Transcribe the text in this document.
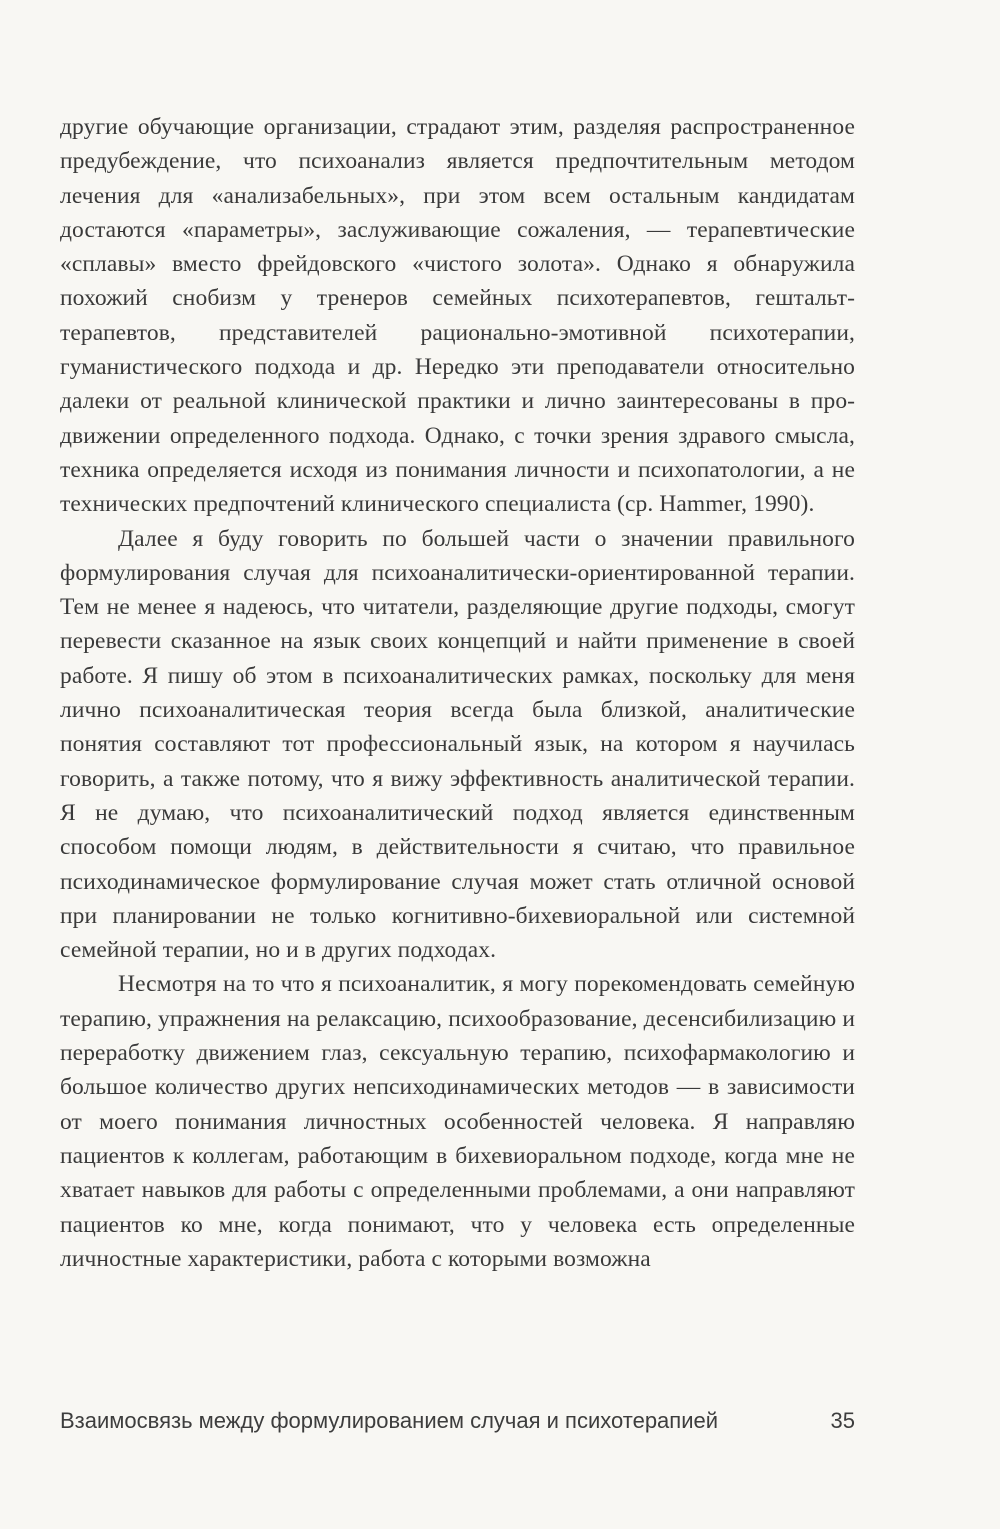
другие обучающие организации, страдают этим, разделяя распространенное предубеждение, что психоанализ является предпочтительным методом лечения для «анализабельных», при этом всем остальным кандидатам достаются «параметры», заслуживающие сожаления, — терапевтические «сплавы» вместо фрейдовского «чистого золота». Однако я обнаружила похожий снобизм у тренеров семейных психотерапевтов, гештальт-терапевтов, представителей рационально-эмотивной психотерапии, гуманистического подхода и др. Нередко эти преподаватели относительно далеки от реальной клинической практики и лично заинтересованы в продвижении определенного подхода. Однако, с точки зрения здравого смысла, техника определяется исходя из понимания личности и психопатологии, а не технических предпочтений клинического специалиста (ср. Hammer, 1990).

Далее я буду говорить по большей части о значении правильного формулирования случая для психоаналитически-ориентированной терапии. Тем не менее я надеюсь, что читатели, разделяющие другие подходы, смогут перевести сказанное на язык своих концепций и найти применение в своей работе. Я пишу об этом в психоаналитических рамках, поскольку для меня лично психоаналитическая теория всегда была близкой, аналитические понятия составляют тот профессиональный язык, на котором я научилась говорить, а также потому, что я вижу эффективность аналитической терапии. Я не думаю, что психоаналитический подход является единственным способом помощи людям, в действительности я считаю, что правильное психодинамическое формулирование случая может стать отличной основой при планировании не только когнитивно-бихевиоральной или системной семейной терапии, но и в других подходах.

Несмотря на то что я психоаналитик, я могу порекомендовать семейную терапию, упражнения на релаксацию, психообразование, десенсибилизацию и переработку движением глаз, сексуальную терапию, психофармакологию и большое количество других непсиходинамических методов — в зависимости от моего понимания личностных особенностей человека. Я направляю пациентов к коллегам, работающим в бихевиоральном подходе, когда мне не хватает навыков для работы с определенными проблемами, а они направляют пациентов ко мне, когда понимают, что у человека есть определенные личностные характеристики, работа с которыми возможна

Взаимосвязь между формулированием случая и психотерапией	35
